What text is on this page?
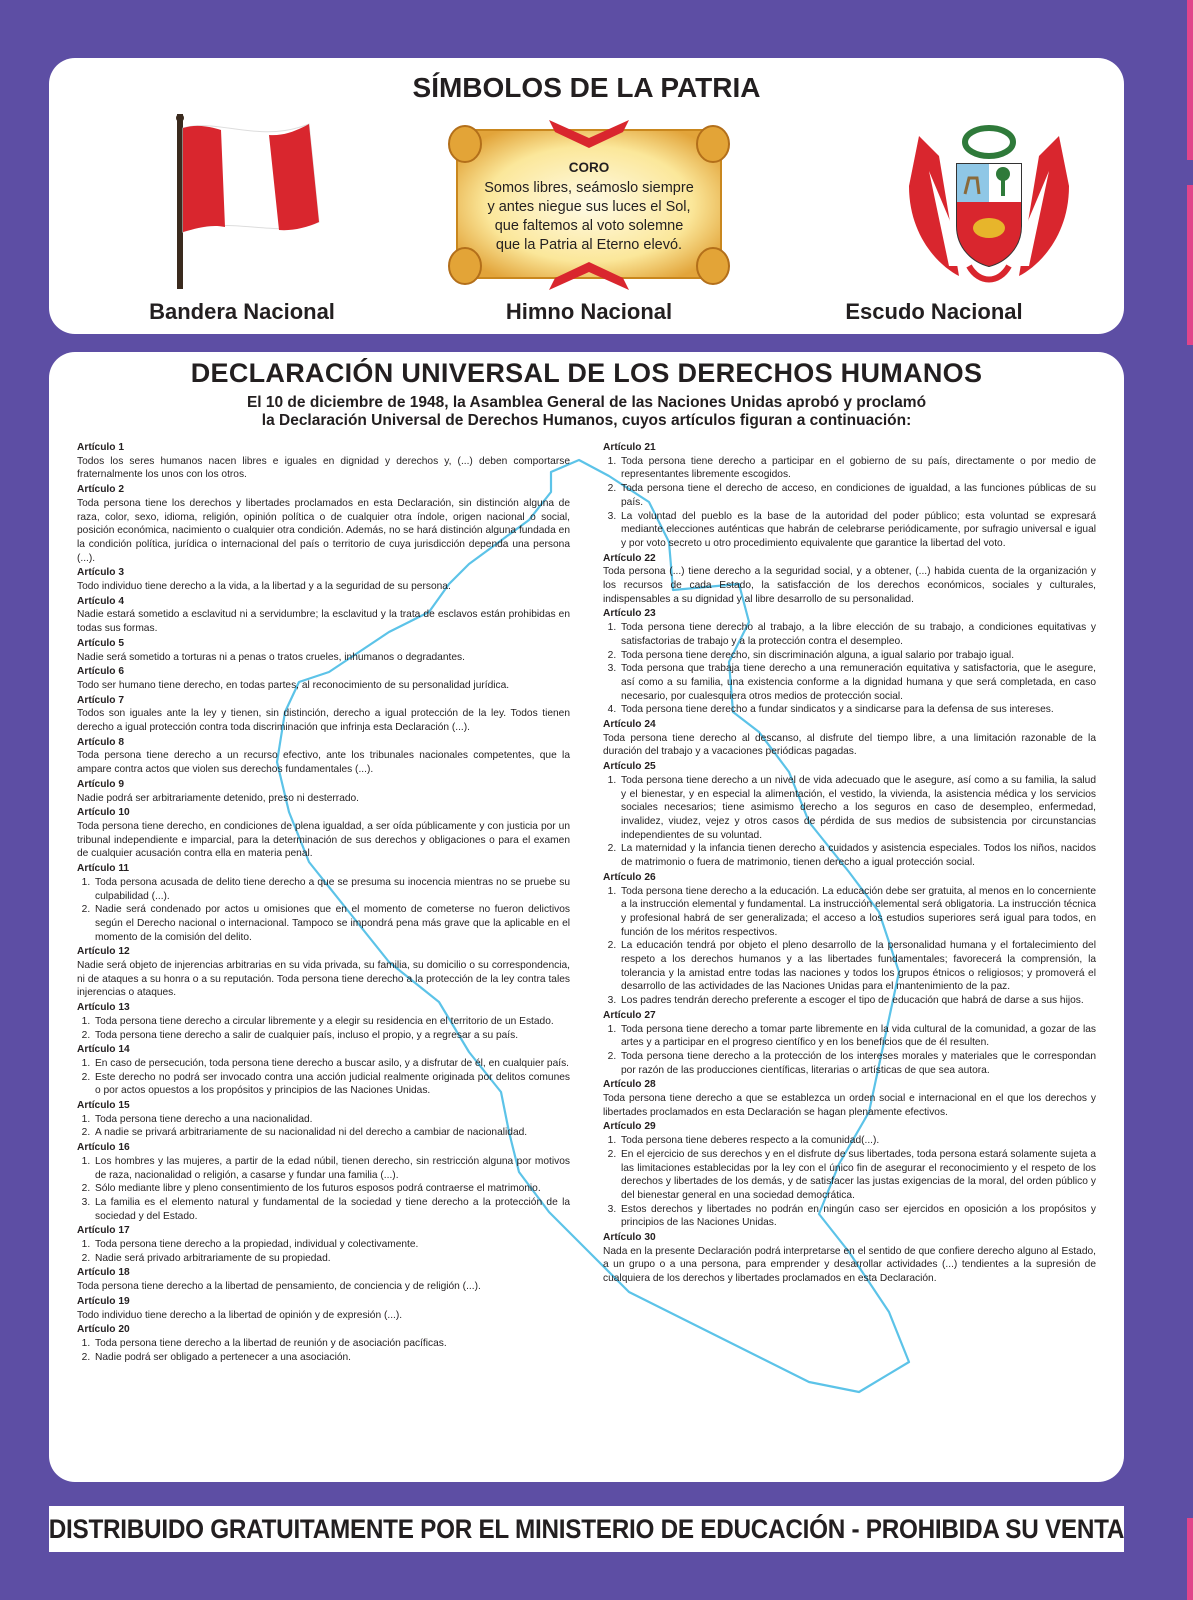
SÍMBOLOS DE LA PATRIA
CORO
Somos libres, seámoslo siempre
y antes niegue sus luces el Sol,
que faltemos al voto solemne
que la Patria al Eterno elevó.
Bandera Nacional	Himno Nacional	Escudo Nacional
DECLARACIÓN UNIVERSAL DE LOS DERECHOS HUMANOS
El 10 de diciembre de 1948, la Asamblea General de las Naciones Unidas aprobó y proclamó
la Declaración Universal de Derechos Humanos, cuyos artículos figuran a continuación:
Artículo 1

Todos los seres humanos nacen libres e iguales en dignidad y derechos y, (...) deben comportarse fraternalmente los unos con los otros.

Artículo 2

Toda persona tiene los derechos y libertades proclamados en esta Declaración, sin distinción alguna de raza, color, sexo, idioma, religión, opinión política o de cualquier otra índole, origen nacional o social, posición económica, nacimiento o cualquier otra condición. Además, no se hará distinción alguna fundada en la condición política, jurídica o internacional del país o territorio de cuya jurisdicción dependa una persona (...).

Artículo 3

Todo individuo tiene derecho a la vida, a la libertad y a la seguridad de su persona.

Artículo 4

Nadie estará sometido a esclavitud ni a servidumbre; la esclavitud y la trata de esclavos están prohibidas en todas sus formas.

Artículo 5

Nadie será sometido a torturas ni a penas o tratos crueles, inhumanos o degradantes.

Artículo 6

Todo ser humano tiene derecho, en todas partes, al reconocimiento de su personalidad jurídica.

Artículo 7

Todos son iguales ante la ley y tienen, sin distinción, derecho a igual protección de la ley. Todos tienen derecho a igual protección contra toda discriminación que infrinja esta Declaración (...).

Artículo 8

Toda persona tiene derecho a un recurso efectivo, ante los tribunales nacionales competentes, que la ampare contra actos que violen sus derechos fundamentales (...).

Artículo 9

Nadie podrá ser arbitrariamente detenido, preso ni desterrado.

Artículo 10

Toda persona tiene derecho, en condiciones de plena igualdad, a ser oída públicamente y con justicia por un tribunal independiente e imparcial, para la determinación de sus derechos y obligaciones o para el examen de cualquier acusación contra ella en materia penal.

Artículo 11
1. Toda persona acusada de delito tiene derecho a que se presuma su inocencia mientras no se pruebe su culpabilidad (...).
2. Nadie será condenado por actos u omisiones que en el momento de cometerse no fueron delictivos según el Derecho nacional o internacional. Tampoco se impondrá pena más grave que la aplicable en el momento de la comisión del delito.
Artículo 12

Nadie será objeto de injerencias arbitrarias en su vida privada, su familia, su domicilio o su correspondencia, ni de ataques a su honra o a su reputación. Toda persona tiene derecho a la protección de la ley contra tales injerencias o ataques.

Artículo 13
1. Toda persona tiene derecho a circular libremente y a elegir su residencia en el territorio de un Estado.
2. Toda persona tiene derecho a salir de cualquier país, incluso el propio, y a regresar a su país.
Artículo 14
1. En caso de persecución, toda persona tiene derecho a buscar asilo, y a disfrutar de él, en cualquier país.
2. Este derecho no podrá ser invocado contra una acción judicial realmente originada por delitos comunes o por actos opuestos a los propósitos y principios de las Naciones Unidas.
Artículo 15
1. Toda persona tiene derecho a una nacionalidad.
2. A nadie se privará arbitrariamente de su nacionalidad ni del derecho a cambiar de nacionalidad.
Artículo 16
1. Los hombres y las mujeres, a partir de la edad núbil, tienen derecho, sin restricción alguna por motivos de raza, nacionalidad o religión, a casarse y fundar una familia (...).
2. Sólo mediante libre y pleno consentimiento de los futuros esposos podrá contraerse el matrimonio.
3. La familia es el elemento natural y fundamental de la sociedad y tiene derecho a la protección de la sociedad y del Estado.
Artículo 17
1. Toda persona tiene derecho a la propiedad, individual y colectivamente.
2. Nadie será privado arbitrariamente de su propiedad.
Artículo 18

Toda persona tiene derecho a la libertad de pensamiento, de conciencia y de religión (...).

Artículo 19

Todo individuo tiene derecho a la libertad de opinión y de expresión (...).

Artículo 20
1. Toda persona tiene derecho a la libertad de reunión y de asociación pacíficas.
2. Nadie podrá ser obligado a pertenecer a una asociación.
Artículo 21
1. Toda persona tiene derecho a participar en el gobierno de su país, directamente o por medio de representantes libremente escogidos.
2. Toda persona tiene el derecho de acceso, en condiciones de igualdad, a las funciones públicas de su país.
3. La voluntad del pueblo es la base de la autoridad del poder público; esta voluntad se expresará mediante elecciones auténticas que habrán de celebrarse periódicamente, por sufragio universal e igual y por voto secreto u otro procedimiento equivalente que garantice la libertad del voto.
Artículo 22

Toda persona (...) tiene derecho a la seguridad social, y a obtener, (...) habida cuenta de la organización y los recursos de cada Estado, la satisfacción de los derechos económicos, sociales y culturales, indispensables a su dignidad y al libre desarrollo de su personalidad.

Artículo 23
1. Toda persona tiene derecho al trabajo, a la libre elección de su trabajo, a condiciones equitativas y satisfactorias de trabajo y a la protección contra el desempleo.
2. Toda persona tiene derecho, sin discriminación alguna, a igual salario por trabajo igual.
3. Toda persona que trabaja tiene derecho a una remuneración equitativa y satisfactoria, que le asegure, así como a su familia, una existencia conforme a la dignidad humana y que será completada, en caso necesario, por cualesquiera otros medios de protección social.
4. Toda persona tiene derecho a fundar sindicatos y a sindicarse para la defensa de sus intereses.
Artículo 24

Toda persona tiene derecho al descanso, al disfrute del tiempo libre, a una limitación razonable de la duración del trabajo y a vacaciones periódicas pagadas.

Artículo 25
1. Toda persona tiene derecho a un nivel de vida adecuado que le asegure, así como a su familia, la salud y el bienestar, y en especial la alimentación, el vestido, la vivienda, la asistencia médica y los servicios sociales necesarios; tiene asimismo derecho a los seguros en caso de desempleo, enfermedad, invalidez, viudez, vejez y otros casos de pérdida de sus medios de subsistencia por circunstancias independientes de su voluntad.
2. La maternidad y la infancia tienen derecho a cuidados y asistencia especiales. Todos los niños, nacidos de matrimonio o fuera de matrimonio, tienen derecho a igual protección social.
Artículo 26
1. Toda persona tiene derecho a la educación. La educación debe ser gratuita, al menos en lo concerniente a la instrucción elemental y fundamental. La instrucción elemental será obligatoria. La instrucción técnica y profesional habrá de ser generalizada; el acceso a los estudios superiores será igual para todos, en función de los méritos respectivos.
2. La educación tendrá por objeto el pleno desarrollo de la personalidad humana y el fortalecimiento del respeto a los derechos humanos y a las libertades fundamentales; favorecerá la comprensión, la tolerancia y la amistad entre todas las naciones y todos los grupos étnicos o religiosos; y promoverá el desarrollo de las actividades de las Naciones Unidas para el mantenimiento de la paz.
3. Los padres tendrán derecho preferente a escoger el tipo de educación que habrá de darse a sus hijos.
Artículo 27
1. Toda persona tiene derecho a tomar parte libremente en la vida cultural de la comunidad, a gozar de las artes y a participar en el progreso científico y en los beneficios que de él resulten.
2. Toda persona tiene derecho a la protección de los intereses morales y materiales que le correspondan por razón de las producciones científicas, literarias o artísticas de que sea autora.
Artículo 28

Toda persona tiene derecho a que se establezca un orden social e internacional en el que los derechos y libertades proclamados en esta Declaración se hagan plenamente efectivos.

Artículo 29
1. Toda persona tiene deberes respecto a la comunidad(...).
2. En el ejercicio de sus derechos y en el disfrute de sus libertades, toda persona estará solamente sujeta a las limitaciones establecidas por la ley con el único fin de asegurar el reconocimiento y el respeto de los derechos y libertades de los demás, y de satisfacer las justas exigencias de la moral, del orden público y del bienestar general en una sociedad democrática.
3. Estos derechos y libertades no podrán en ningún caso ser ejercidos en oposición a los propósitos y principios de las Naciones Unidas.
Artículo 30

Nada en la presente Declaración podrá interpretarse en el sentido de que confiere derecho alguno al Estado, a un grupo o a una persona, para emprender y desarrollar actividades (...) tendientes a la supresión de cualquiera de los derechos y libertades proclamados en esta Declaración.

DISTRIBUIDO GRATUITAMENTE POR EL MINISTERIO DE EDUCACIÓN - PROHIBIDA SU VENTA
